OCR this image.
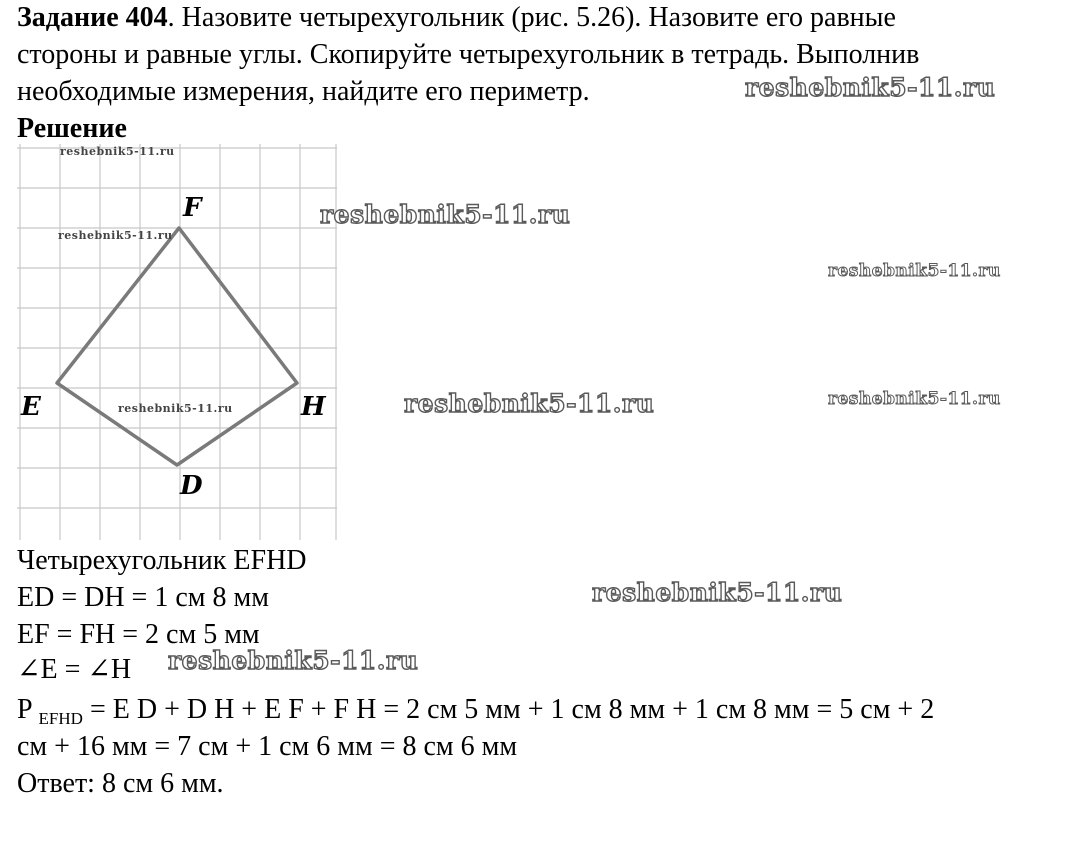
Задание 404. Назовите четырехугольник (рис. 5.26). Назовите его равные
стороны и равные углы. Скопируйте четырехугольник в тетрадь. Выполнив
необходимые измерения, найдите его периметр.	reshebnik5-11.ru
Решение
F
E	H
D
reshebnik5-11.ru
reshebnik5-11.ru
reshebnik5-11.ru
reshebnik5-11.ru
reshebnik5-11.ru
reshebnik5-11.ru	reshebnik5-11.ru
Четырехугольник EFHD
ED = DH = 1 см 8 мм	reshebnik5-11.ru
EF = FH = 2 см 5 мм
∠E = ∠H reshebnik5-11.ru
P $_{EFHD}$ = E D + D H + E F + F H = 2 см 5 мм + 1 см 8 мм + 1 см 8 мм = 5 см + 2
см + 16 мм = 7 см + 1 см 6 мм = 8 см 6 мм
Ответ: 8 см 6 мм.
